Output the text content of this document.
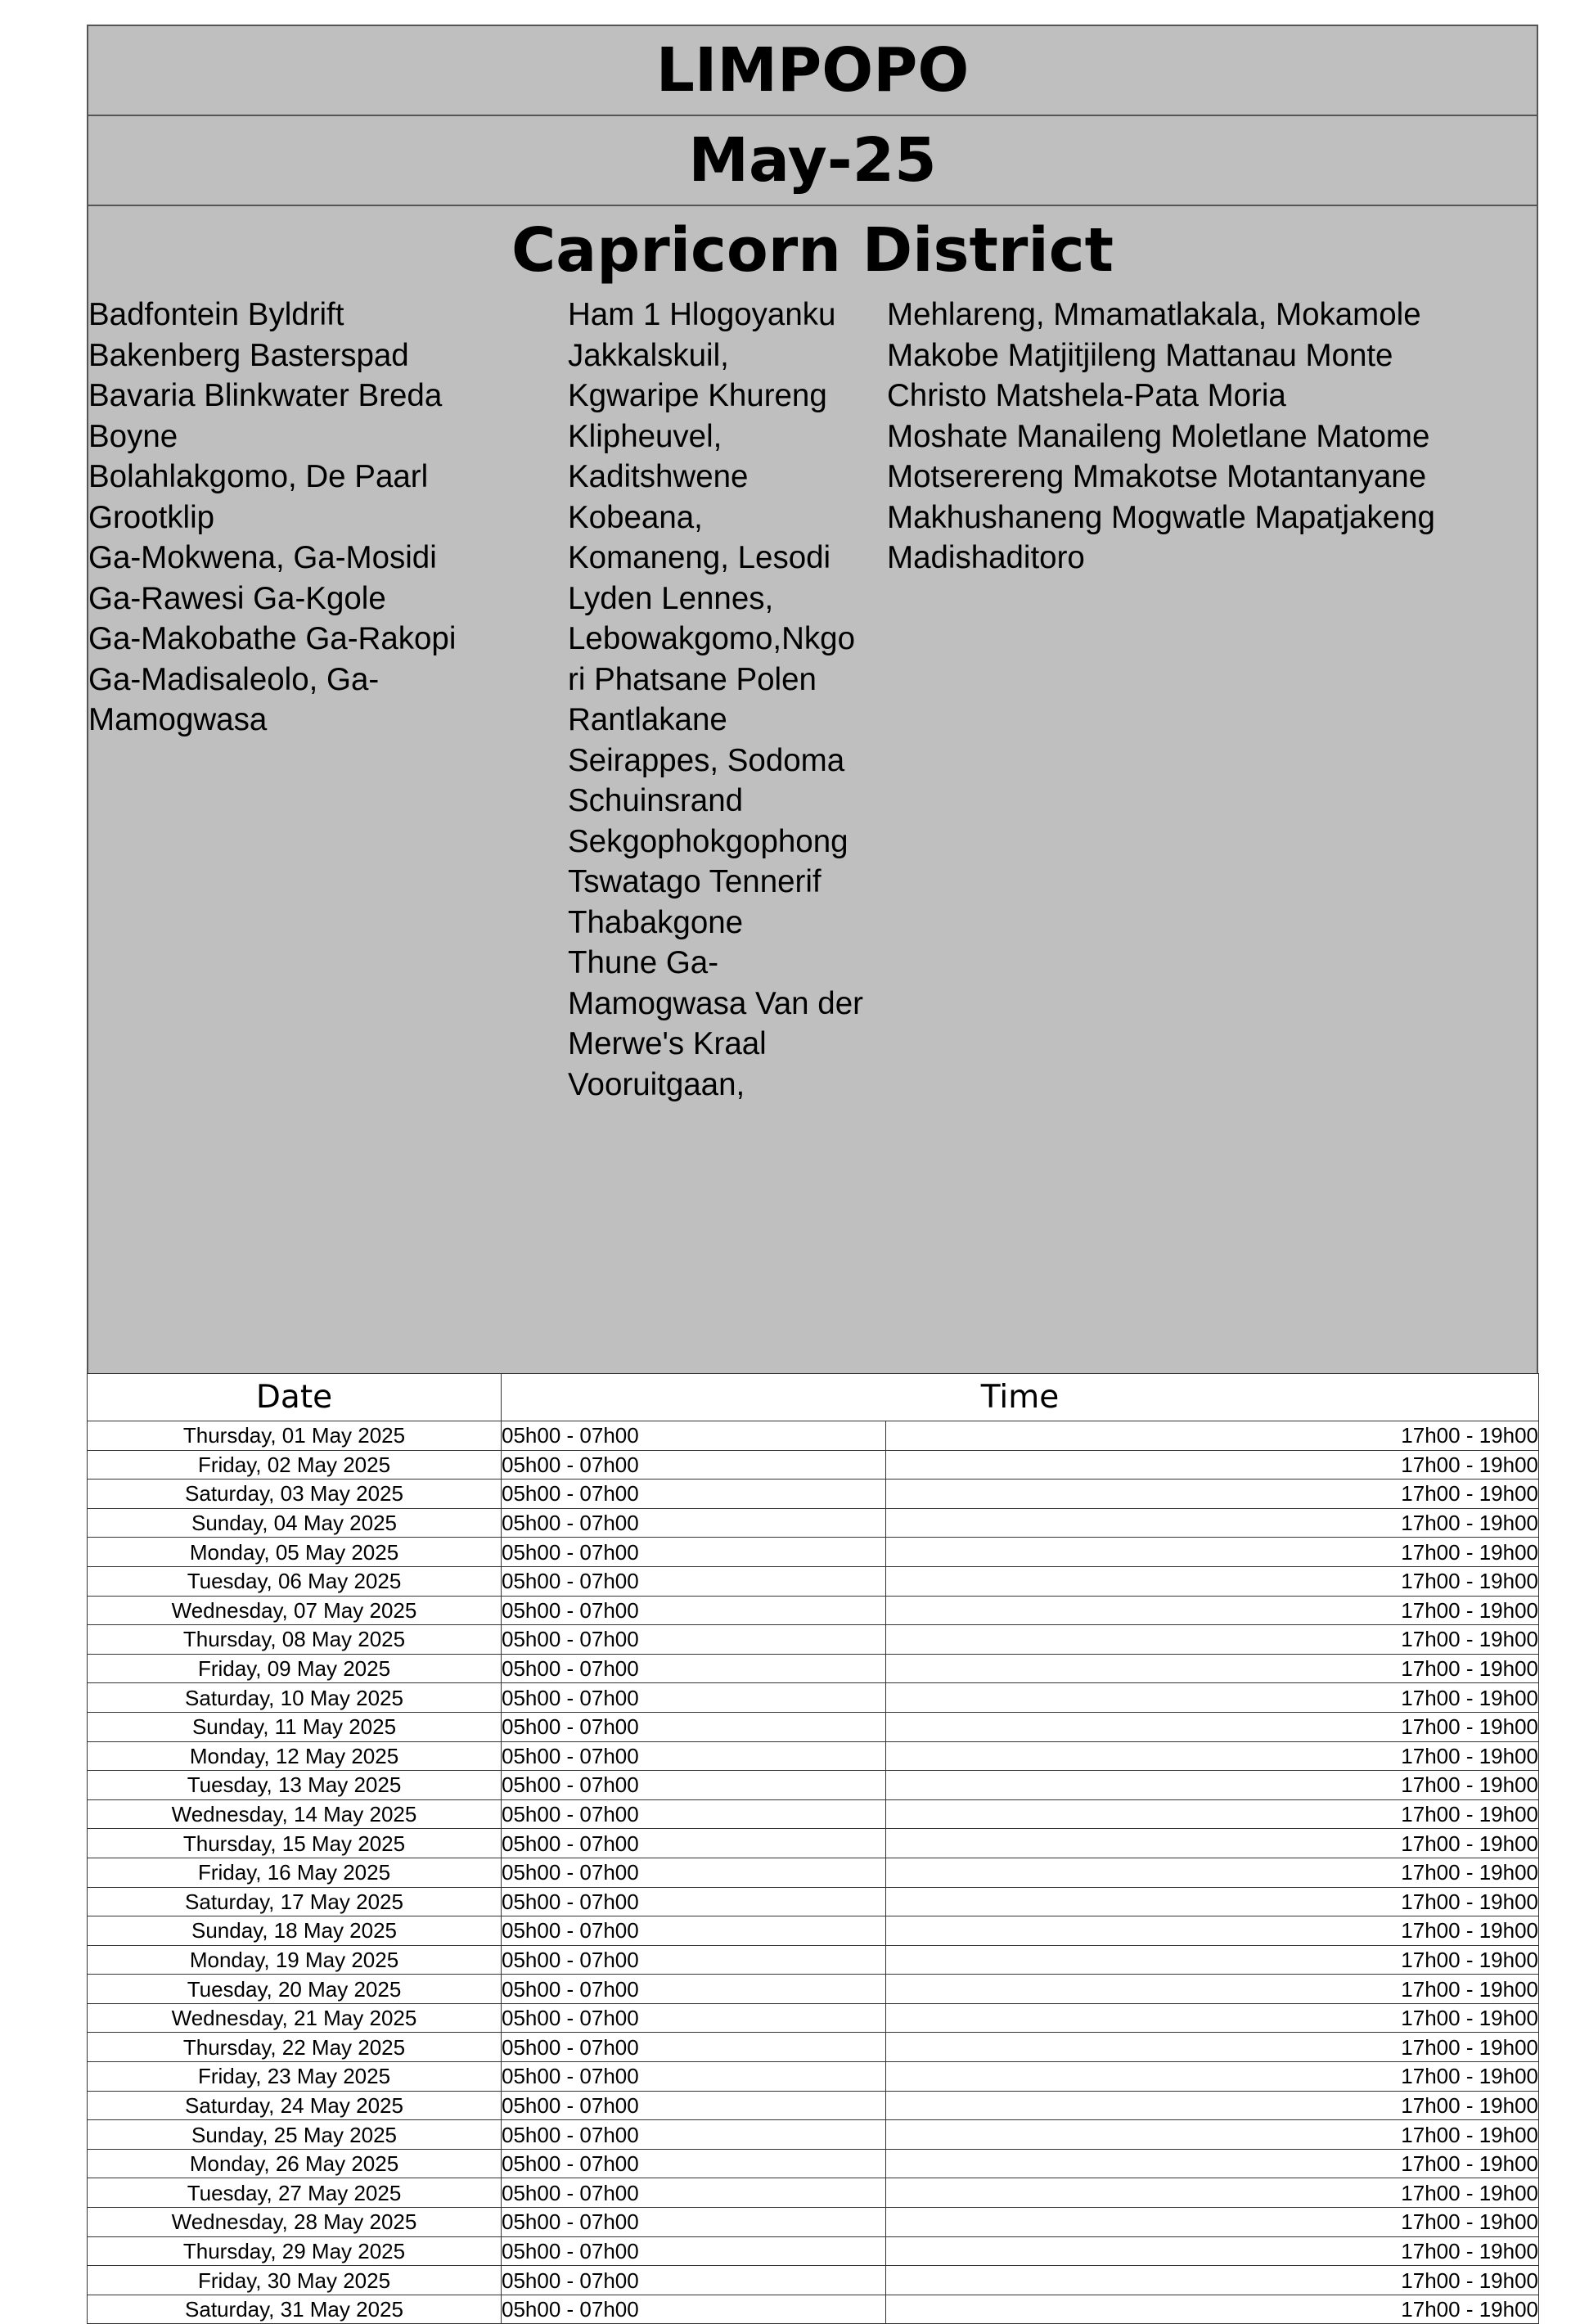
LIMPOPO
May-25
Capricorn District
Badfontein Byldrift
Bakenberg Basterspad
Bavaria Blinkwater Breda
Boyne
Bolahlakgomo, De Paarl
Grootklip
Ga-Mokwena, Ga-Mosidi
Ga-Rawesi Ga-Kgole
Ga-Makobathe Ga-Rakopi
Ga-Madisaleolo, Ga-
Mamogwasa
Ham 1 Hlogoyanku
Jakkalskuil,
Kgwaripe Khureng
Klipheuvel,
Kaditshwene
Kobeana,
Komaneng, Lesodi
Lyden Lennes,
Lebowakgomo,Nkgo
ri Phatsane Polen
Rantlakane
Seirappes, Sodoma
Schuinsrand
Sekgophokgophong
Tswatago Tennerif
Thabakgone
Thune Ga-
Mamogwasa Van der
Merwe's Kraal
Vooruitgaan,
Mehlareng, Mmamatlakala, Mokamole
Makobe Matjitjileng Mattanau Monte
Christo Matshela-Pata Moria
Moshate Manaileng Moletlane Matome
Motserereng Mmakotse Motantanyane
Makhushaneng Mogwatle Mapatjakeng
Madishaditoro
Date	Time	
Thursday, 01 May 2025	05h00 - 07h00	17h00 - 19h00
Friday, 02 May 2025	05h00 - 07h00	17h00 - 19h00
Saturday, 03 May 2025	05h00 - 07h00	17h00 - 19h00
Sunday, 04 May 2025	05h00 - 07h00	17h00 - 19h00
Monday, 05 May 2025	05h00 - 07h00	17h00 - 19h00
Tuesday, 06 May 2025	05h00 - 07h00	17h00 - 19h00
Wednesday, 07 May 2025	05h00 - 07h00	17h00 - 19h00
Thursday, 08 May 2025	05h00 - 07h00	17h00 - 19h00
Friday, 09 May 2025	05h00 - 07h00	17h00 - 19h00
Saturday, 10 May 2025	05h00 - 07h00	17h00 - 19h00
Sunday, 11 May 2025	05h00 - 07h00	17h00 - 19h00
Monday, 12 May 2025	05h00 - 07h00	17h00 - 19h00
Tuesday, 13 May 2025	05h00 - 07h00	17h00 - 19h00
Wednesday, 14 May 2025	05h00 - 07h00	17h00 - 19h00
Thursday, 15 May 2025	05h00 - 07h00	17h00 - 19h00
Friday, 16 May 2025	05h00 - 07h00	17h00 - 19h00
Saturday, 17 May 2025	05h00 - 07h00	17h00 - 19h00
Sunday, 18 May 2025	05h00 - 07h00	17h00 - 19h00
Monday, 19 May 2025	05h00 - 07h00	17h00 - 19h00
Tuesday, 20 May 2025	05h00 - 07h00	17h00 - 19h00
Wednesday, 21 May 2025	05h00 - 07h00	17h00 - 19h00
Thursday, 22 May 2025	05h00 - 07h00	17h00 - 19h00
Friday, 23 May 2025	05h00 - 07h00	17h00 - 19h00
Saturday, 24 May 2025	05h00 - 07h00	17h00 - 19h00
Sunday, 25 May 2025	05h00 - 07h00	17h00 - 19h00
Monday, 26 May 2025	05h00 - 07h00	17h00 - 19h00
Tuesday, 27 May 2025	05h00 - 07h00	17h00 - 19h00
Wednesday, 28 May 2025	05h00 - 07h00	17h00 - 19h00
Thursday, 29 May 2025	05h00 - 07h00	17h00 - 19h00
Friday, 30 May 2025	05h00 - 07h00	17h00 - 19h00
Saturday, 31 May 2025	05h00 - 07h00	17h00 - 19h00
